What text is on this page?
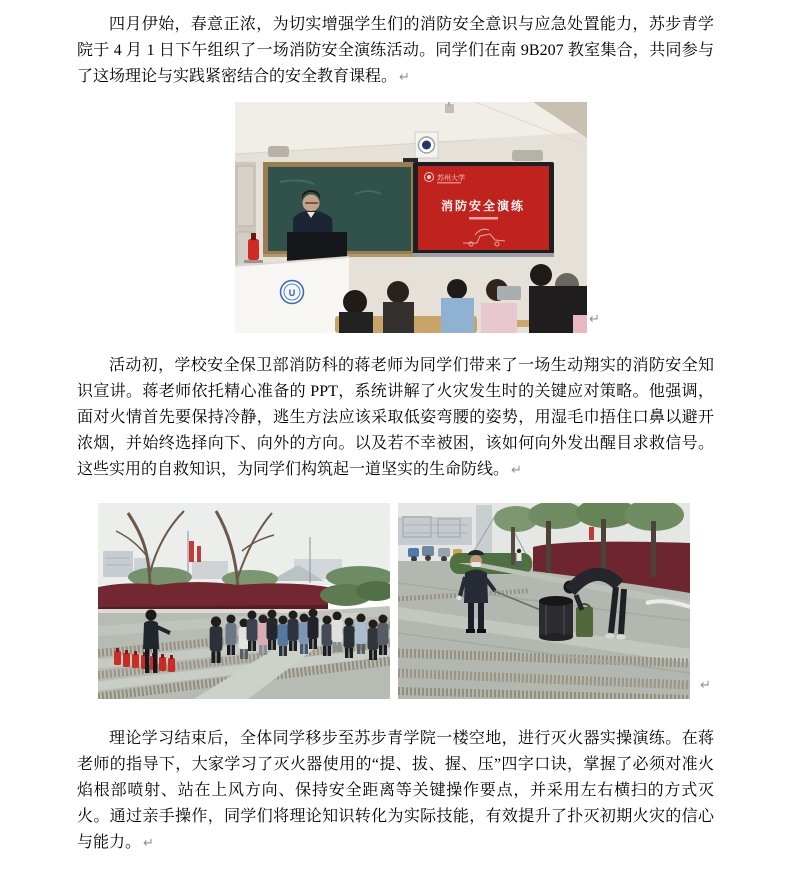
四月伊始，春意正浓，为切实增强学生们的消防安全意识与应急处置能力，苏步青学院于 4 月 1 日下午组织了一场消防安全演练活动。同学们在南 9B207 教室集合，共同参与了这场理论与实践紧密结合的安全教育课程。 ↵

苏州大学
消防安全演练
U
↵

活动初，学校安全保卫部消防科的蒋老师为同学们带来了一场生动翔实的消防安全知识宣讲。蒋老师依托精心准备的 PPT，系统讲解了火灾发生时的关键应对策略。他强调，面对火情首先要保持冷静，逃生方法应该采取低姿弯腰的姿势，用湿毛巾捂住口鼻以避开浓烟，并始终选择向下、向外的方向。以及若不幸被困，该如何向外发出醒目求救信号。这些实用的自救知识，为同学们构筑起一道坚实的生命防线。 ↵

↵

理论学习结束后，全体同学移步至苏步青学院一楼空地，进行灭火器实操演练。在蒋老师的指导下，大家学习了灭火器使用的“提、拔、握、压”四字口诀，掌握了必须对准火焰根部喷射、站在上风方向、保持安全距离等关键操作要点，并采用左右横扫的方式灭火。通过亲手操作，同学们将理论知识转化为实际技能，有效提升了扑灭初期火灾的信心与能力。 ↵
